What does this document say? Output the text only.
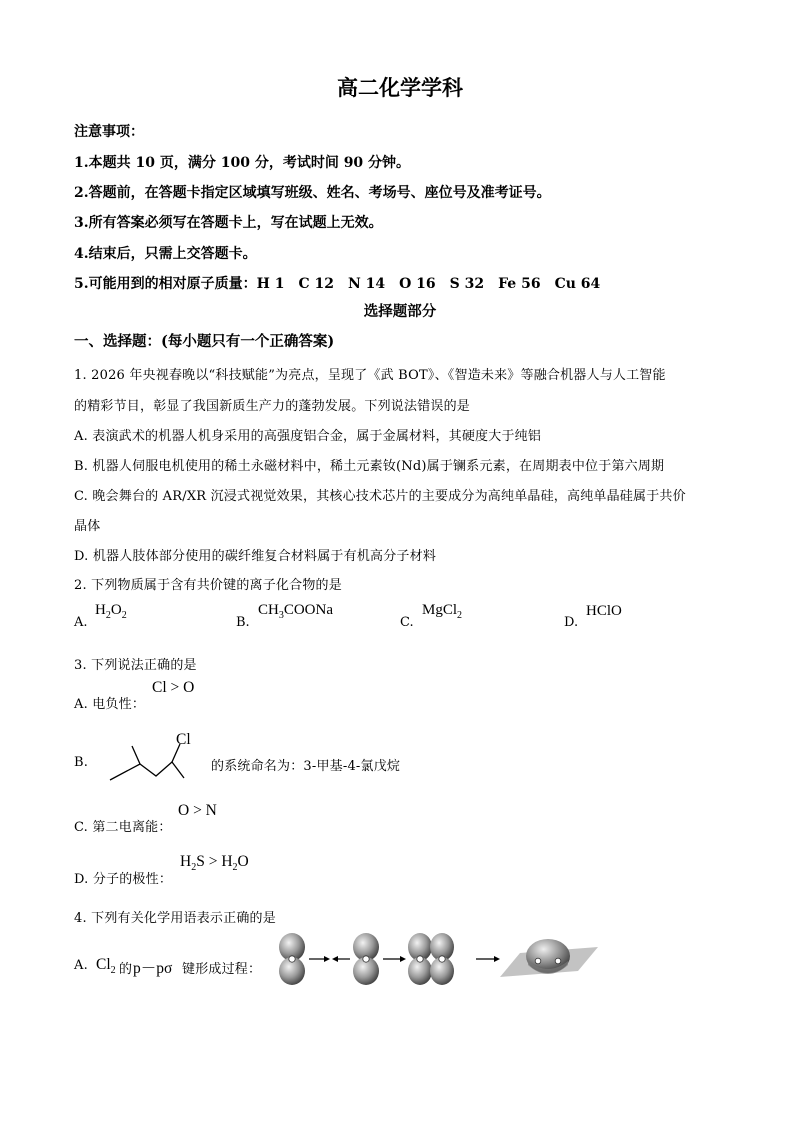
高二化学学科
注意事项：
1.本题共 10 页，满分 100 分，考试时间 90 分钟。
2.答题前，在答题卡指定区域填写班级、姓名、考场号、座位号及准考证号。
3.所有答案必须写在答题卡上，写在试题上无效。
4.结束后，只需上交答题卡。
5.可能用到的相对原子质量：H 1　C 12　N 14　O 16　S 32　Fe 56　Cu 64
选择题部分
一、选择题：(每小题只有一个正确答案)
1. 2026 年央视春晚以“科技赋能”为亮点，呈现了《武 BOT》、《智造未来》等融合机器人与人工智能
的精彩节目，彰显了我国新质生产力的蓬勃发展。下列说法错误的是
A. 表演武术的机器人机身采用的高强度铝合金，属于金属材料，其硬度大于纯铝
B. 机器人伺服电机使用的稀土永磁材料中，稀土元素钕(Nd)属于镧系元素，在周期表中位于第六周期
C. 晚会舞台的 AR/XR 沉浸式视觉效果，其核心技术芯片的主要成分为高纯单晶硅，高纯单晶硅属于共价
晶体
D. 机器人肢体部分使用的碳纤维复合材料属于有机高分子材料
2. 下列物质属于含有共价键的离子化合物的是
A.
$H_2O_2$	B.
$CH_3COONa$
C.
MgCl$_2$	D.
HClO
3. 下列说法正确的是
A. 电负性：
Cl > O
B.
Cl
的系统命名为：3-甲基-4-氯戊烷
C. 第二电离能：
O > N
D. 分子的极性：
$H_2S > H_2O$
4. 下列有关化学用语表示正确的是
A. $Cl_2$ 的 p－pσ 键形成过程：
